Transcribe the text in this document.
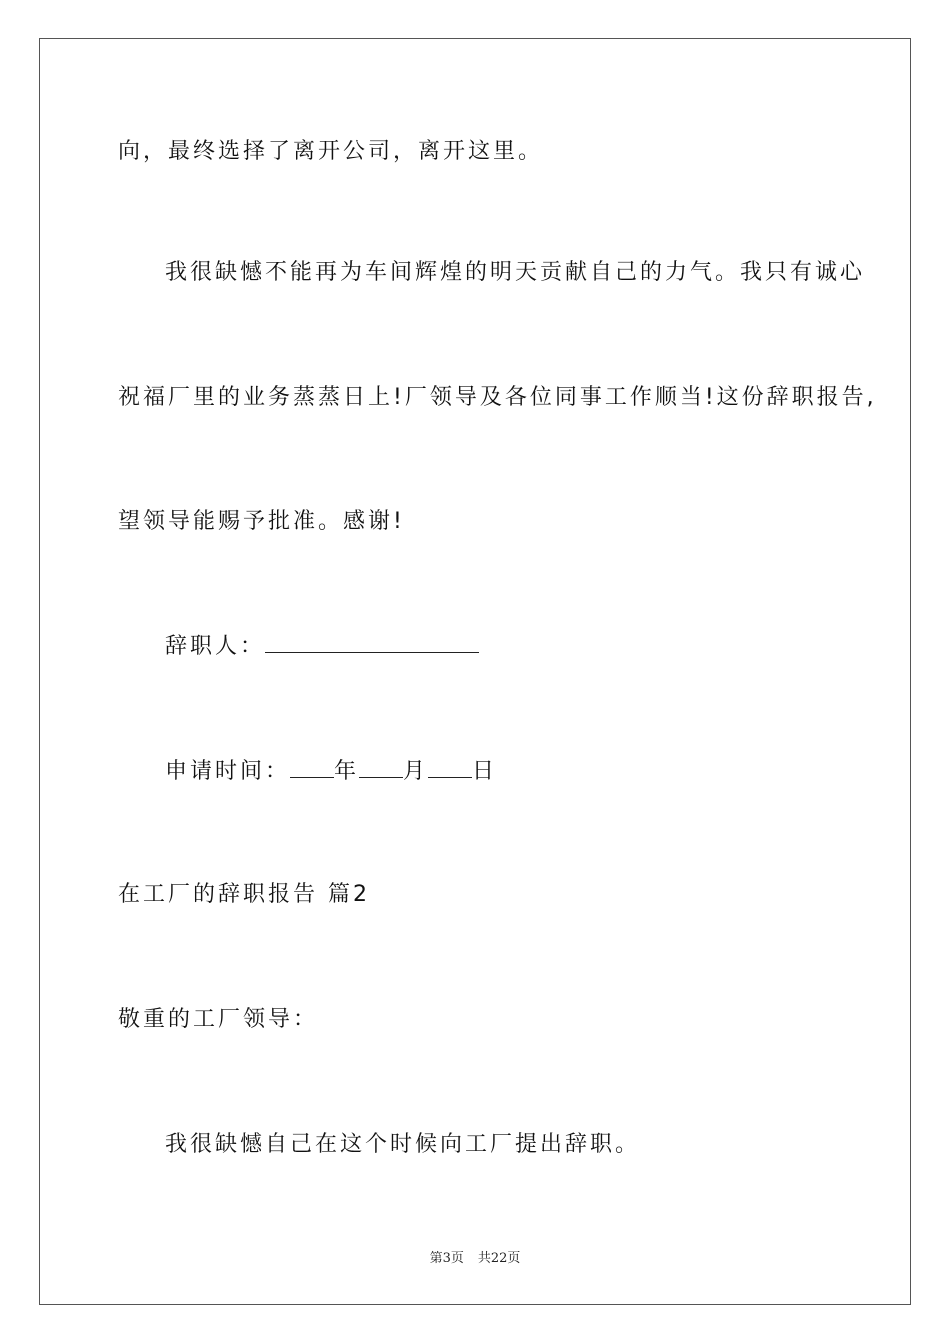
向，最终选择了离开公司，离开这里。
我很缺憾不能再为车间辉煌的明天贡献自己的力气。我只有诚心
祝福厂里的业务蒸蒸日上!厂领导及各位同事工作顺当!这份辞职报告,
望领导能赐予批准。感谢!
辞职人：
申请时间： 年 月 日
在工厂的辞职报告 篇2
敬重的工厂领导：
我很缺憾自己在这个时候向工厂提出辞职。
第3页 共22页
